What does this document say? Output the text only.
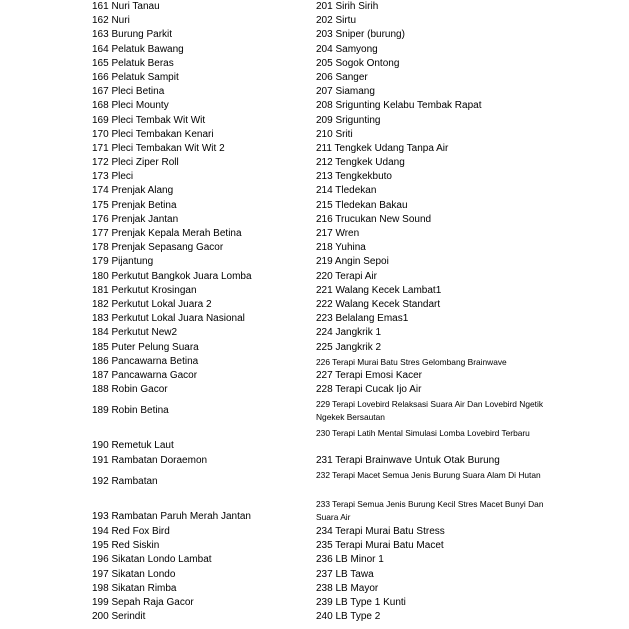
161 Nuri Tanau
162 Nuri
163 Burung Parkit
164 Pelatuk Bawang
165 Pelatuk Beras
166 Pelatuk Sampit
167 Pleci Betina
168 Pleci Mounty
169 Pleci Tembak Wit Wit
170 Pleci Tembakan Kenari
171 Pleci Tembakan Wit Wit 2
172 Pleci Ziper Roll
173 Pleci
174 Prenjak Alang
175 Prenjak Betina
176 Prenjak Jantan
177 Prenjak Kepala Merah Betina
178 Prenjak Sepasang Gacor
179 Pijantung
180 Perkutut Bangkok Juara Lomba
181 Perkutut Krosingan
182 Perkutut Lokal Juara 2
183 Perkutut Lokal Juara Nasional
184 Perkutut New2
185 Puter Pelung Suara
186 Pancawarna Betina
187 Pancawarna Gacor
188 Robin Gacor
189 Robin Betina
190 Remetuk Laut
191 Rambatan Doraemon
192 Rambatan
193 Rambatan Paruh Merah Jantan
194 Red Fox Bird
195 Red Siskin
196 Sikatan Londo Lambat
197 Sikatan Londo
198 Sikatan Rimba
199 Sepah Raja Gacor
200 Serindit
201 Sirih Sirih
202 Sirtu
203 Sniper (burung)
204 Samyong
205 Sogok Ontong
206 Sanger
207 Siamang
208 Srigunting Kelabu Tembak Rapat
209 Srigunting
210 Sriti
211 Tengkek Udang Tanpa Air
212 Tengkek Udang
213 Tengkekbuto
214 Tledekan
215 Tledekan Bakau
216 Trucukan New Sound
217 Wren
218 Yuhina
219 Angin Sepoi
220 Terapi Air
221 Walang Kecek Lambat1
222 Walang Kecek Standart
223 Belalang Emas1
224 Jangkrik 1
225 Jangkrik 2
226 Terapi Murai Batu Stres Gelombang Brainwave
227 Terapi Emosi Kacer
228 Terapi Cucak Ijo Air
229 Terapi Lovebird Relaksasi Suara Air Dan Lovebird Ngetik Ngekek Bersautan
230 Terapi Latih Mental Simulasi Lomba Lovebird Terbaru
231 Terapi Brainwave Untuk Otak Burung
232 Terapi Macet Semua Jenis Burung Suara Alam Di Hutan
233 Terapi Semua Jenis Burung Kecil Stres Macet Bunyi Dan Suara Air
234 Terapi Murai Batu Stress
235 Terapi Murai Batu Macet
236 LB Minor 1
237 LB Tawa
238 LB Mayor
239 LB Type 1 Kunti
240 LB Type 2
